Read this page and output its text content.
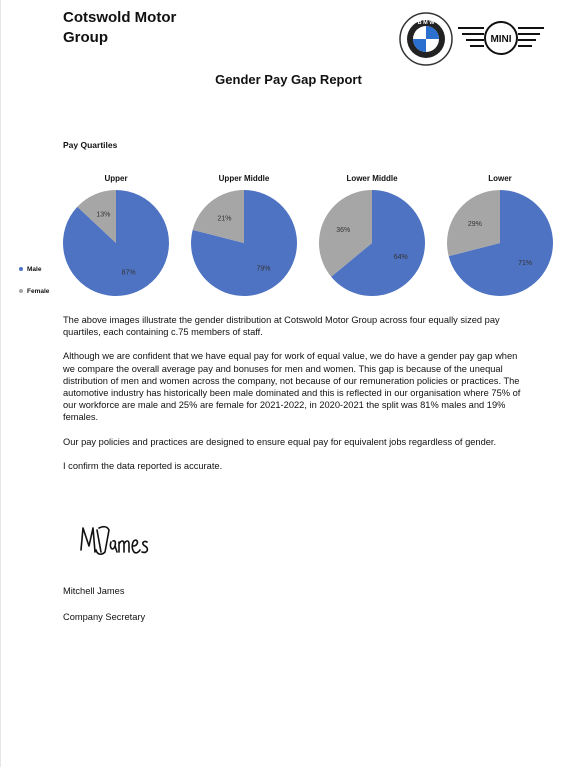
Cotswold Motor Group
B M W
MINI
Gender Pay Gap Report
Pay Quartiles
Upper
13%
87%
Upper Middle
21%
79%
Lower Middle
36%
64%
Lower
29%
71%
Male
Female

The above images illustrate the gender distribution at Cotswold Motor Group across four equally sized pay quartiles, each containing c.75 members of staff.

Although we are confident that we have equal pay for work of equal value, we do have a gender pay gap when we compare the overall average pay and bonuses for men and women. This gap is because of the unequal distribution of men and women across the company, not because of our remuneration policies or practices. The automotive industry has historically been male dominated and this is reflected in our organisation where 75% of our workforce are male and 25% are female for 2021-2022, in 2020-2021 the split was 81% males and 19% females.

Our pay policies and practices are designed to ensure equal pay for equivalent jobs regardless of gender.

I confirm the data reported is accurate.

Mitchell James
Company Secretary
